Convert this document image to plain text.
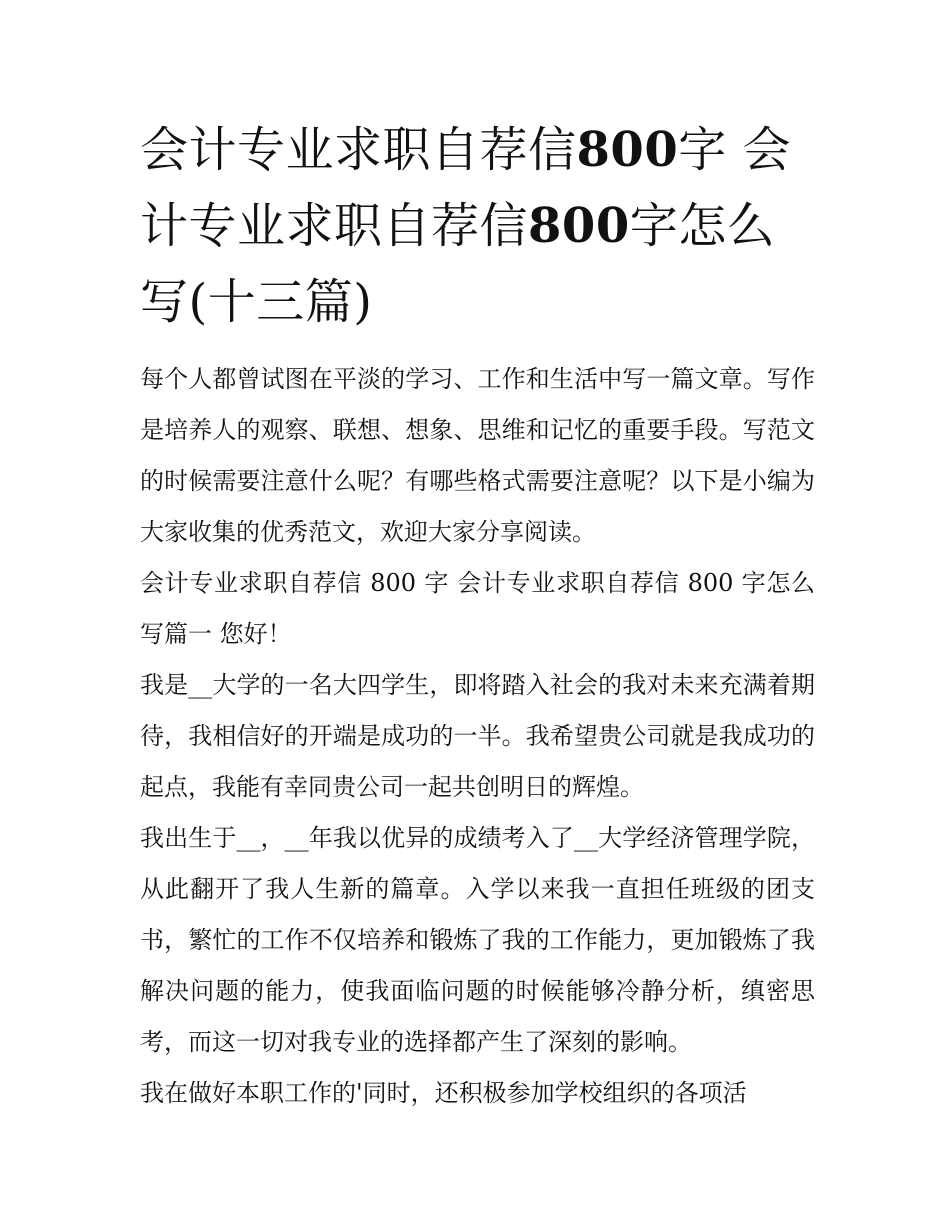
会计专业求职自荐信800字 会计专业求职自荐信800字怎么写(十三篇)

每个人都曾试图在平淡的学习、工作和生活中写一篇文章。写作是培养人的观察、联想、想象、思维和记忆的重要手段。写范文的时候需要注意什么呢？有哪些格式需要注意呢？以下是小编为大家收集的优秀范文，欢迎大家分享阅读。

会计专业求职自荐信 800 字 会计专业求职自荐信 800 字怎么写篇一 您好！

我是__大学的一名大四学生，即将踏入社会的我对未来充满着期待，我相信好的开端是成功的一半。我希望贵公司就是我成功的起点，我能有幸同贵公司一起共创明日的辉煌。

我出生于__，__年我以优异的成绩考入了__大学经济管理学院，从此翻开了我人生新的篇章。入学以来我一直担任班级的团支书，繁忙的工作不仅培养和锻炼了我的工作能力，更加锻炼了我解决问题的能力，使我面临问题的时候能够冷静分析，缜密思考，而这一切对我专业的选择都产生了深刻的影响。

我在做好本职工作的'同时，还积极参加学校组织的各项活
